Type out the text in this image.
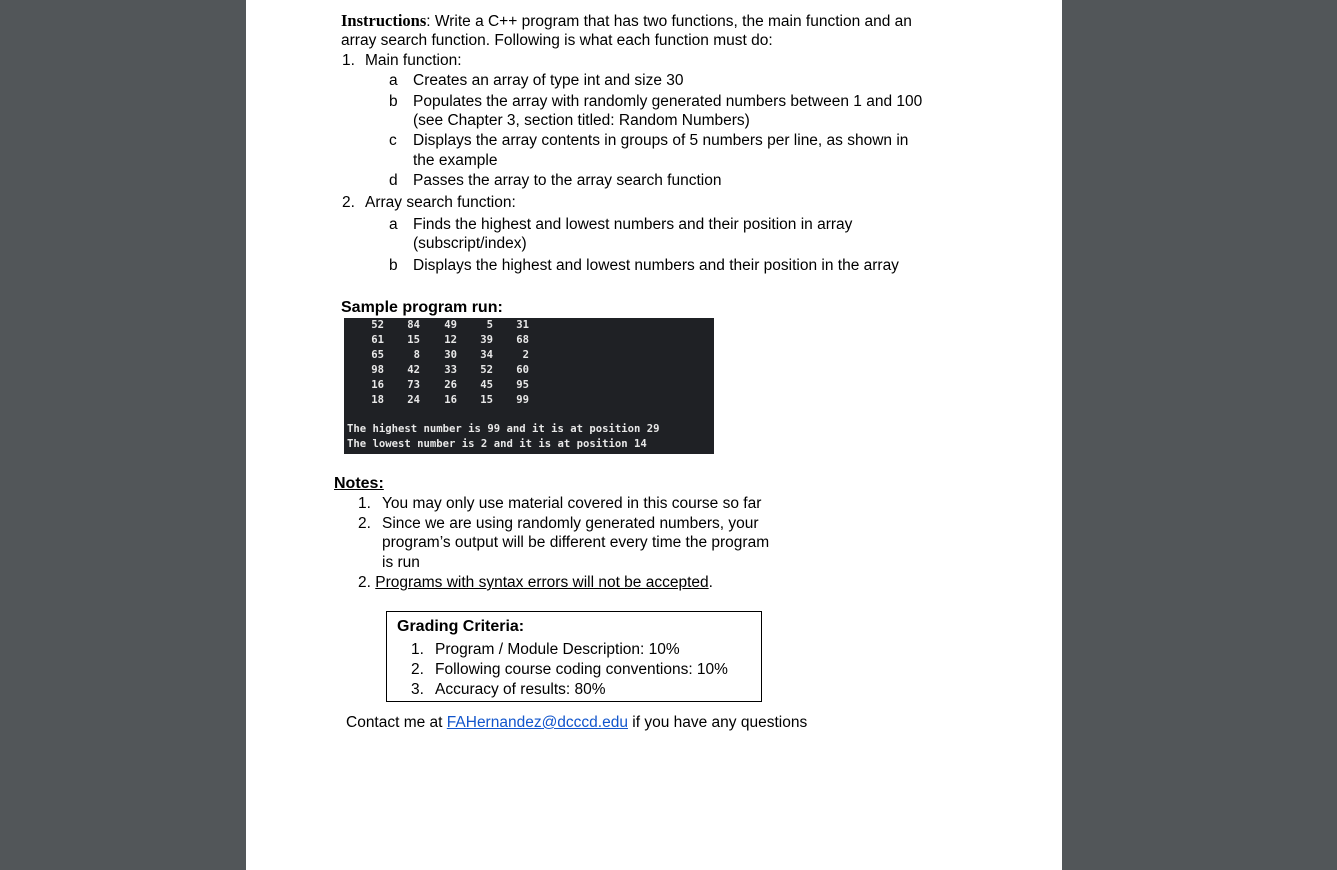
Instructions: Write a C++ program that has two functions, the main function and an
array search function. Following is what each function must do:
1. Main function:
a Creates an array of type int and size 30
b Populates the array with randomly generated numbers between 1 and 100
(see Chapter 3, section titled: Random Numbers)
c Displays the array contents in groups of 5 numbers per line, as shown in
the example
d Passes the array to the array search function
2. Array search function:
a Finds the highest and lowest numbers and their position in array
(subscript/index)
b Displays the highest and lowest numbers and their position in the array
Sample program run:
52	84	49	5	31
61	15	12	39	68
65	8	30	34	2
98	42	33	52	60
16	73	26	45	95
18	24	16	15	99
The highest number is 99 and it is at position 29
The lowest number is 2 and it is at position 14
Notes:
1. You may only use material covered in this course so far
2. Since we are using randomly generated numbers, your
program’s output will be different every time the program
is run
2. Programs with syntax errors will not be accepted.
Grading Criteria:
1. Program / Module Description: 10%
2. Following course coding conventions: 10%
3. Accuracy of results: 80%
Contact me at FAHernandez@dcccd.edu if you have any questions
